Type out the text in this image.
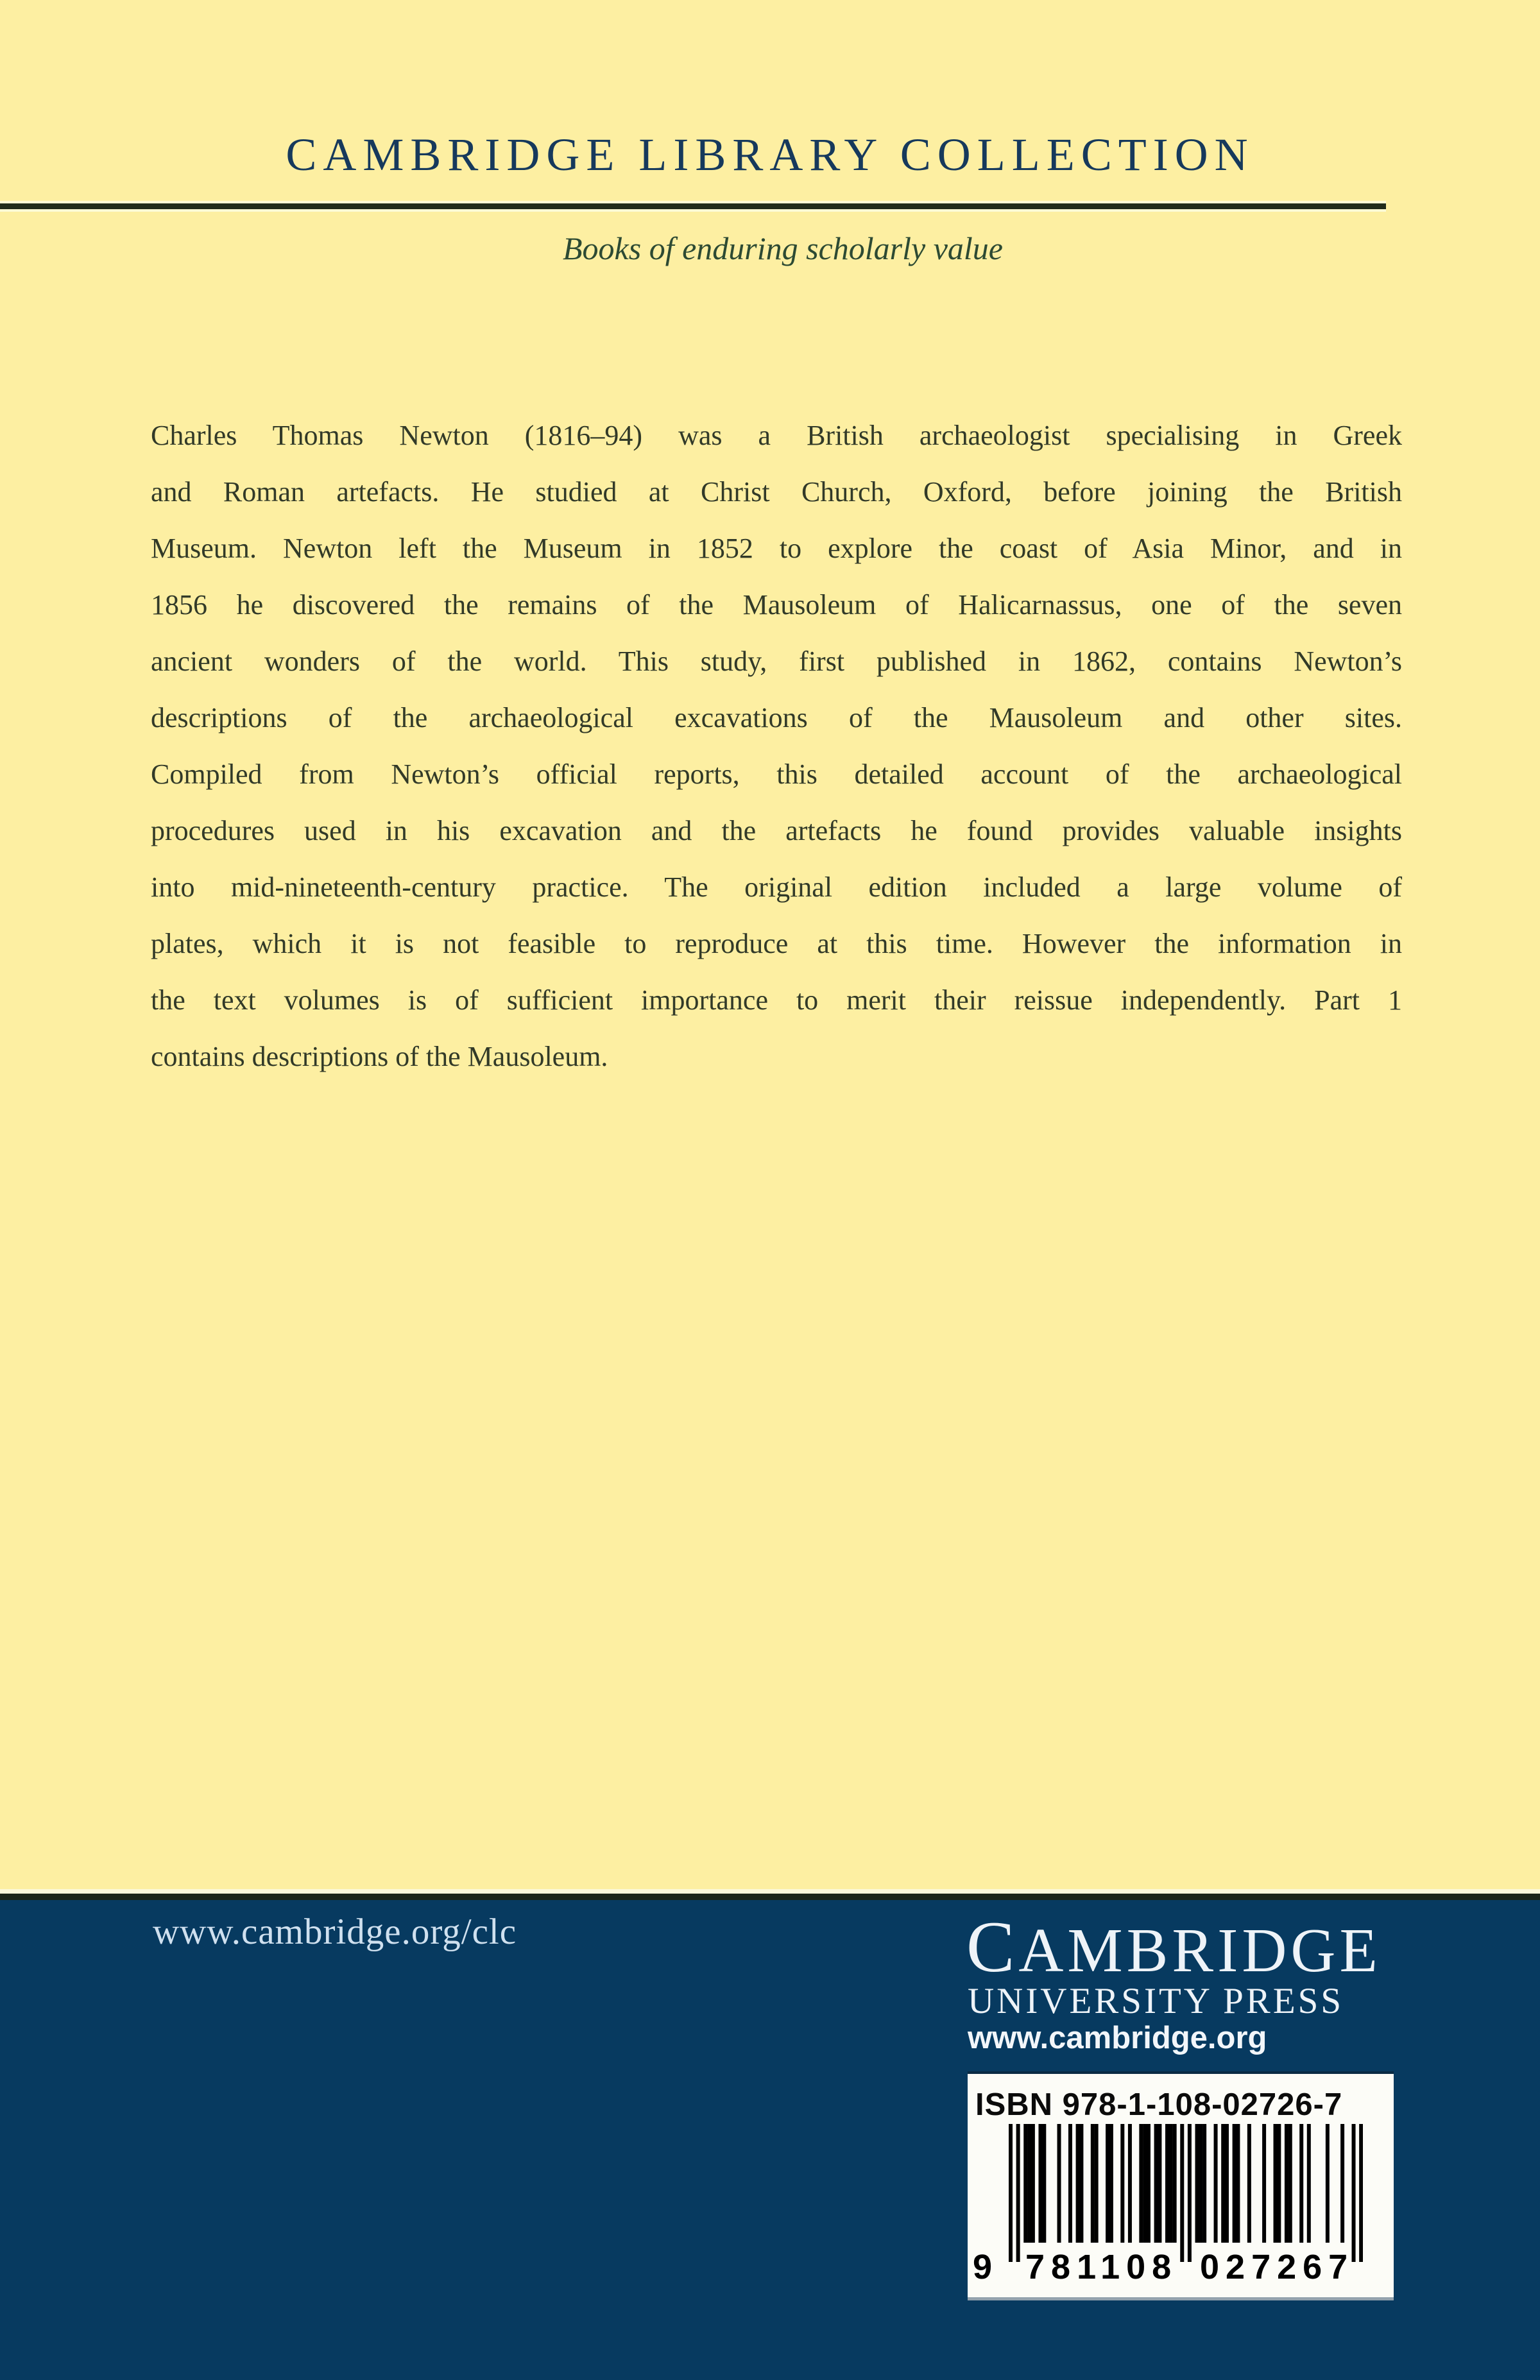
CAMBRIDGE LIBRARY COLLECTION
Books of enduring scholarly value
Charles Thomas Newton (1816–94) was a British archaeologist specialising in Greek
and Roman artefacts. He studied at Christ Church, Oxford, before joining the British
Museum. Newton left the Museum in 1852 to explore the coast of Asia Minor, and in
1856 he discovered the remains of the Mausoleum of Halicarnassus, one of the seven
ancient wonders of the world. This study, first published in 1862, contains Newton’s
descriptions of the archaeological excavations of the Mausoleum and other sites.
Compiled from Newton’s official reports, this detailed account of the archaeological
procedures used in his excavation and the artefacts he found provides valuable insights
into mid-nineteenth-century practice. The original edition included a large volume of
plates, which it is not feasible to reproduce at this time. However the information in
the text volumes is of sufficient importance to merit their reissue independently. Part 1
contains descriptions of the Mausoleum.
www.cambridge.org/clc	CAMBRIDGE
UNIVERSITY PRESS
www.cambridge.org
ISBN 978-1-108-02726-7
9 781108 027267
